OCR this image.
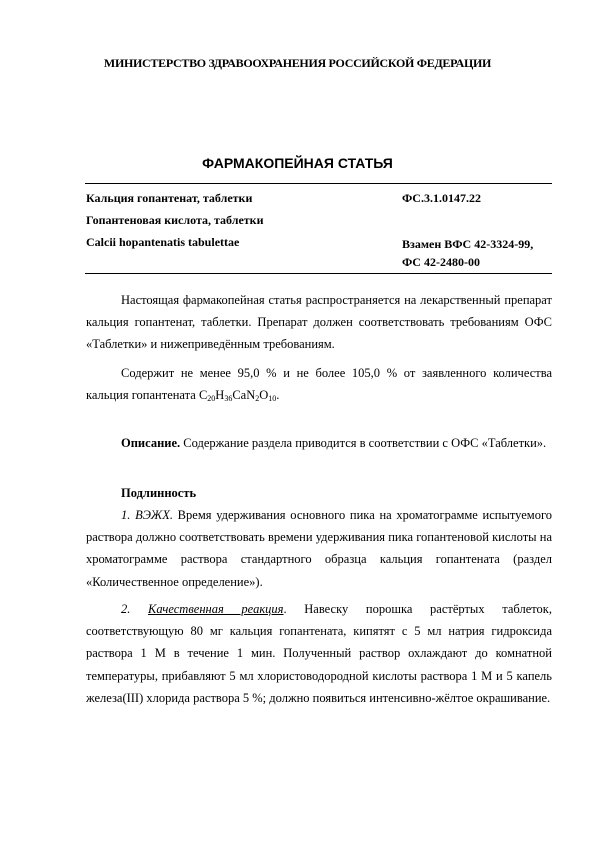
МИНИСТЕРСТВО ЗДРАВООХРАНЕНИЯ РОССИЙСКОЙ ФЕДЕРАЦИИ
ФАРМАКОПЕЙНАЯ СТАТЬЯ
Кальция гопантенат, таблетки
Гопантеновая кислота, таблетки
Calcii hopantenatis tabulettae
ФС.3.1.0147.22
Взамен ВФС 42-3324-99, ФС 42-2480-00
Настоящая фармакопейная статья распространяется на лекарственный препарат кальция гопантенат, таблетки. Препарат должен соответствовать требованиям ОФС «Таблетки» и нижеприведённым требованиям.
Содержит не менее 95,0 % и не более 105,0 % от заявленного количества кальция гопантената $C_{20}H_{36}CaN_2O_{10}$.
Описание. Содержание раздела приводится в соответствии с ОФС «Таблетки».
Подлинность
1. ВЭЖХ. Время удерживания основного пика на хроматограмме испытуемого раствора должно соответствовать времени удерживания пика гопантеновой кислоты на хроматограмме раствора стандартного образца кальция гопантената (раздел «Количественное определение»).
2. Качественная реакция. Навеску порошка растёртых таблеток, соответствующую 80 мг кальция гопантената, кипятят с 5 мл натрия гидроксида раствора 1 М в течение 1 мин. Полученный раствор охлаждают до комнатной температуры, прибавляют 5 мл хлористоводородной кислоты раствора 1 М и 5 капель железа(III) хлорида раствора 5 %; должно появиться интенсивно-жёлтое окрашивание.
